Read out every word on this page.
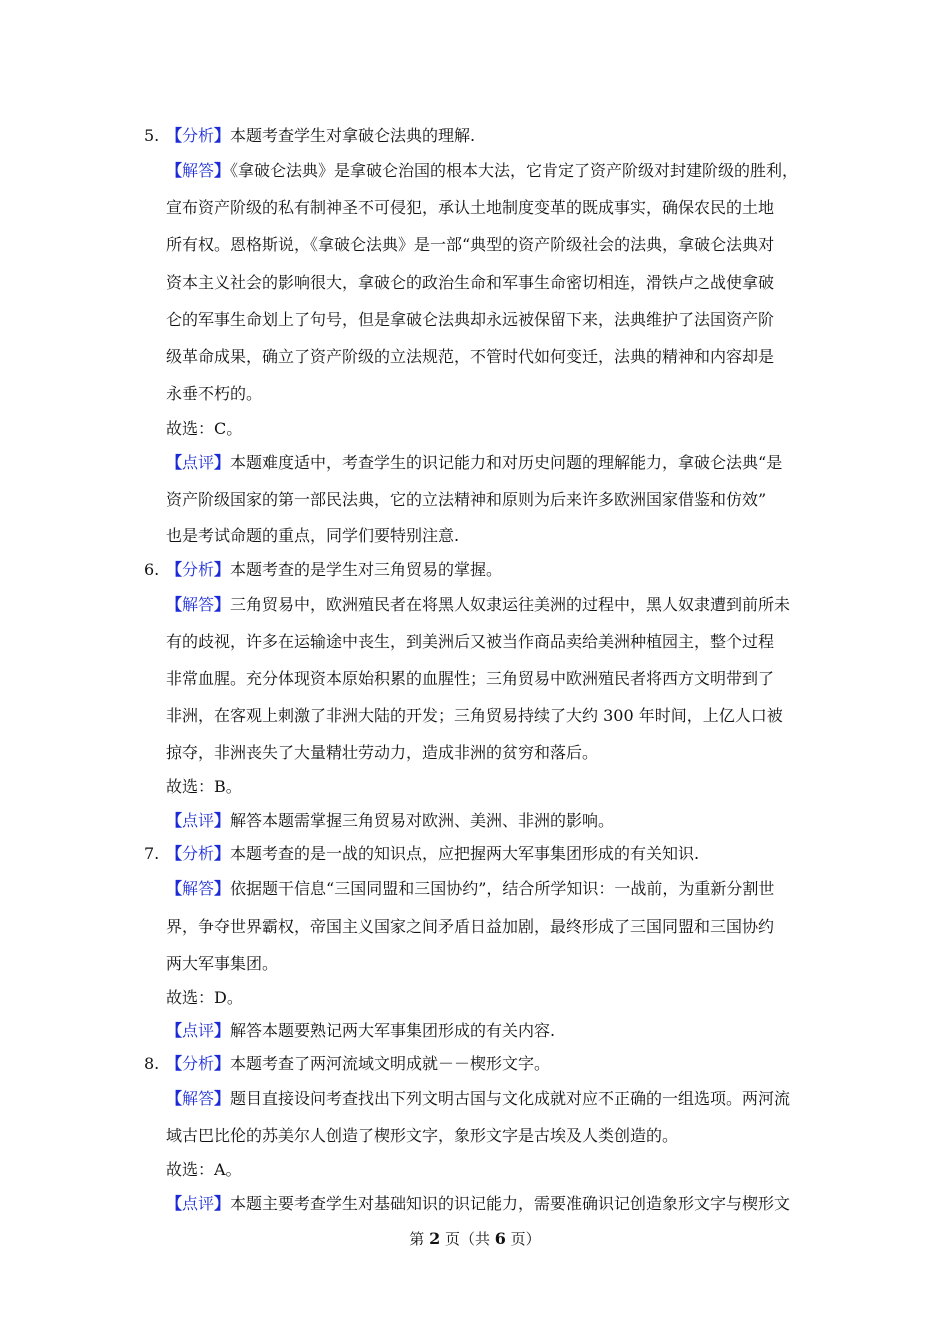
5. 【分析】本题考查学生对拿破仑法典的理解.
【解答】《拿破仑法典》是拿破仑治国的根本大法，它肯定了资产阶级对封建阶级的胜利，
宣布资产阶级的私有制神圣不可侵犯，承认土地制度变革的既成事实，确保农民的土地
所有权。恩格斯说，《拿破仑法典》是一部“典型的资产阶级社会的法典，拿破仑法典对
资本主义社会的影响很大，拿破仑的政治生命和军事生命密切相连，滑铁卢之战使拿破
仑的军事生命划上了句号，但是拿破仑法典却永远被保留下来，法典维护了法国资产阶
级革命成果，确立了资产阶级的立法规范，不管时代如何变迁，法典的精神和内容却是
永垂不朽的。
故选：C。
【点评】本题难度适中，考查学生的识记能力和对历史问题的理解能力，拿破仑法典“是
资产阶级国家的第一部民法典，它的立法精神和原则为后来许多欧洲国家借鉴和仿效”
也是考试命题的重点，同学们要特别注意.
6. 【分析】本题考查的是学生对三角贸易的掌握。
【解答】三角贸易中，欧洲殖民者在将黑人奴隶运往美洲的过程中，黑人奴隶遭到前所未
有的歧视，许多在运输途中丧生，到美洲后又被当作商品卖给美洲种植园主，整个过程
非常血腥。充分体现资本原始积累的血腥性；三角贸易中欧洲殖民者将西方文明带到了
非洲，在客观上刺激了非洲大陆的开发；三角贸易持续了大约 300 年时间，上亿人口被
掠夺，非洲丧失了大量精壮劳动力，造成非洲的贫穷和落后。
故选：B。
【点评】解答本题需掌握三角贸易对欧洲、美洲、非洲的影响。
7. 【分析】本题考查的是一战的知识点，应把握两大军事集团形成的有关知识.
【解答】依据题干信息“三国同盟和三国协约”，结合所学知识：一战前，为重新分割世
界，争夺世界霸权，帝国主义国家之间矛盾日益加剧，最终形成了三国同盟和三国协约
两大军事集团。
故选：D。
【点评】解答本题要熟记两大军事集团形成的有关内容.
8. 【分析】本题考查了两河流域文明成就－－楔形文字。
【解答】题目直接设问考查找出下列文明古国与文化成就对应不正确的一组选项。两河流
域古巴比伦的苏美尔人创造了楔形文字，象形文字是古埃及人类创造的。
故选：A。
【点评】本题主要考查学生对基础知识的识记能力，需要准确识记创造象形文字与楔形文
第 2 页（共 6 页）
